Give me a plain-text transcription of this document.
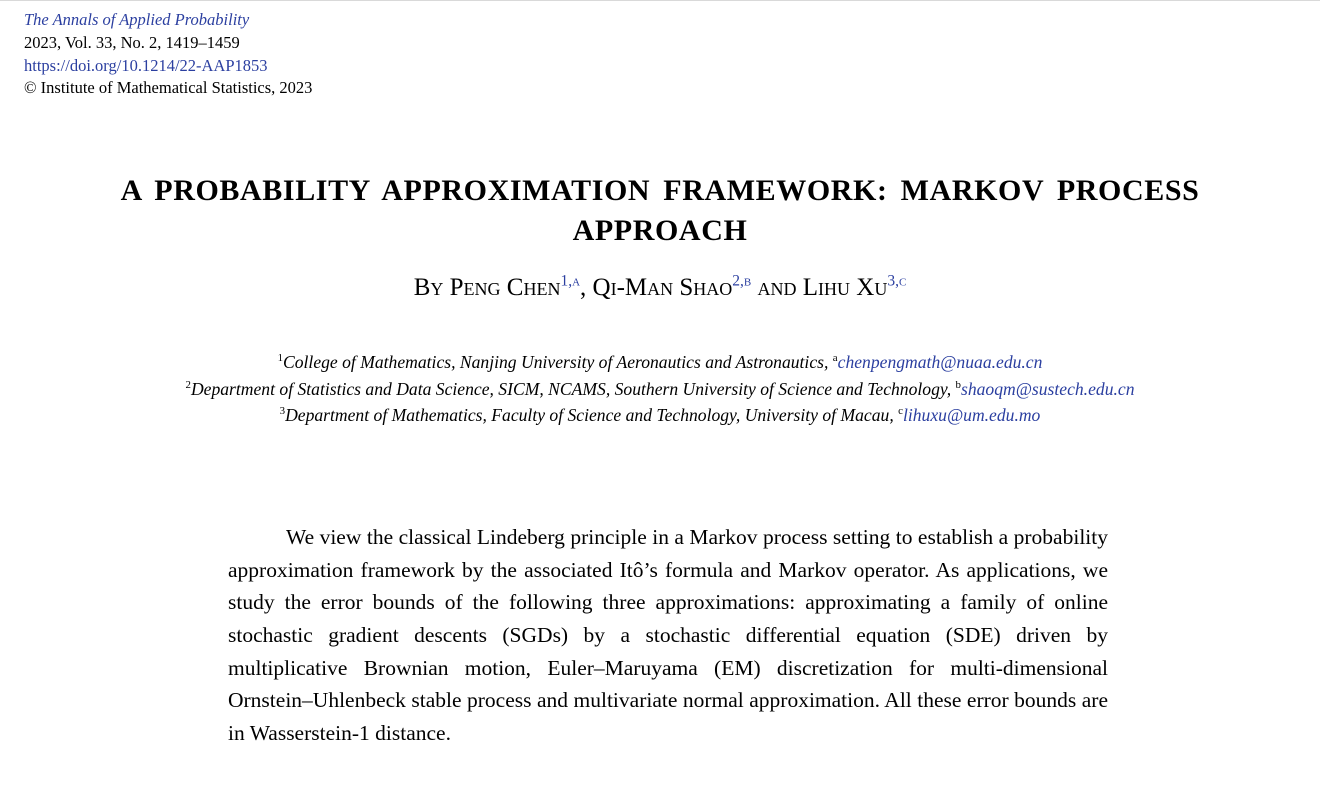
The Annals of Applied Probability
2023, Vol. 33, No. 2, 1419–1459
https://doi.org/10.1214/22-AAP1853
© Institute of Mathematical Statistics, 2023
A PROBABILITY APPROXIMATION FRAMEWORK: MARKOV PROCESS APPROACH
By Peng Chen$^{1,a}$, Qi-Man Shao$^{2,b}$ and Lihu Xu$^{3,c}$
$^1$College of Mathematics, Nanjing University of Aeronautics and Astronautics, $^a$chenpengmath@nuaa.edu.cn
$^2$Department of Statistics and Data Science, SICM, NCAMS, Southern University of Science and Technology, $^b$shaoqm@sustech.edu.cn
$^3$Department of Mathematics, Faculty of Science and Technology, University of Macau, $^c$lihuxu@um.edu.mo
We view the classical Lindeberg principle in a Markov process setting to establish a probability approximation framework by the associated Itô’s formula and Markov operator. As applications, we study the error bounds of the following three approximations: approximating a family of online stochastic gradient descents (SGDs) by a stochastic differential equation (SDE) driven by multiplicative Brownian motion, Euler–Maruyama (EM) discretization for multi-dimensional Ornstein–Uhlenbeck stable process and multivariate normal approximation. All these error bounds are in Wasserstein-1 distance.
